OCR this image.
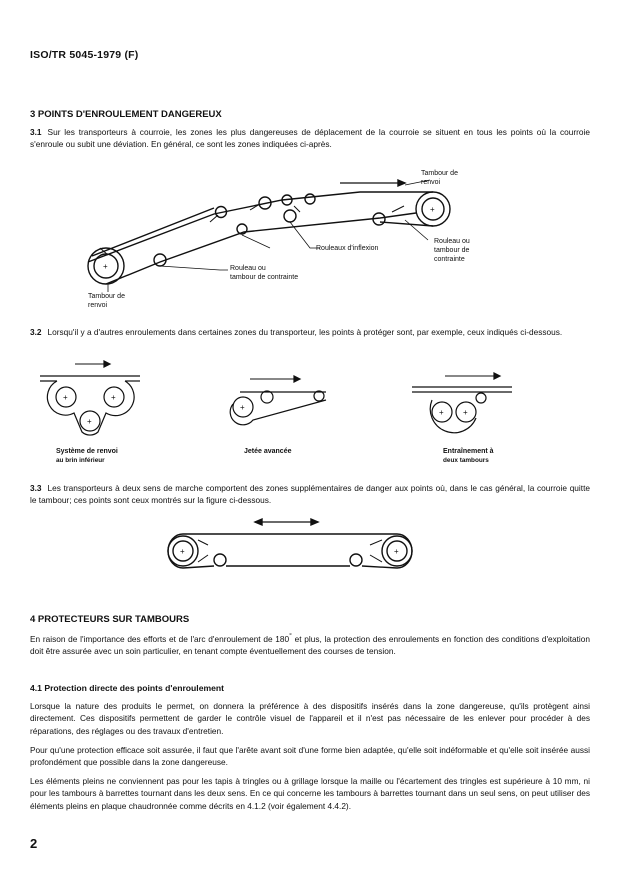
ISO/TR 5045-1979 (F)
3 POINTS D'ENROULEMENT DANGEREUX
3.1 Sur les transporteurs à courroie, les zones les plus dangereuses de déplacement de la courroie se situent en tous les points où la courroie s'enroule ou subit une déviation. En général, ce sont les zones indiquées ci-après.
+
+
Tambour de
renvoi
Rouleaux d'inflexion
Rouleau ou
tambour de
contrainte
Rouleau ou
tambour de contrainte
Tambour de
renvoi
3.2 Lorsqu'il y a d'autres enroulements dans certaines zones du transporteur, les points à protéger sont, par exemple, ceux indiqués ci-dessous.
+	+
+
+
+ +
Système de renvoi
au brin inférieur
Jetée avancée	Entraînement à
deux tambours
3.3 Les transporteurs à deux sens de marche comportent des zones supplémentaires de danger aux points où, dans le cas général, la courroie quitte le tambour; ces points sont ceux montrés sur la figure ci-dessous.
+	+
4 PROTECTEURS SUR TAMBOURS
En raison de l'importance des efforts et de l'arc d'enroulement de 180° et plus, la protection des enroulements en fonction des conditions d'exploitation doit être assurée avec un soin particulier, en tenant compte éventuellement des courses de tension.
4.1 Protection directe des points d'enroulement
Lorsque la nature des produits le permet, on donnera la préférence à des dispositifs insérés dans la zone dangereuse, qu'ils protègent ainsi directement. Ces dispositifs permettent de garder le contrôle visuel de l'appareil et il n'est pas nécessaire de les enlever pour procéder à des réparations, des réglages ou des travaux d'entretien.
Pour qu'une protection efficace soit assurée, il faut que l'arête avant soit d'une forme bien adaptée, qu'elle soit indéformable et qu'elle soit insérée aussi profondément que possible dans la zone dangereuse.
Les éléments pleins ne conviennent pas pour les tapis à tringles ou à grillage lorsque la maille ou l'écartement des tringles est supérieure à 10 mm, ni pour les tambours à barrettes tournant dans les deux sens. En ce qui concerne les tambours à barrettes tournant dans un seul sens, on peut utiliser des éléments pleins en plaque chaudronnée comme décrits en 4.1.2 (voir également 4.4.2).
2
